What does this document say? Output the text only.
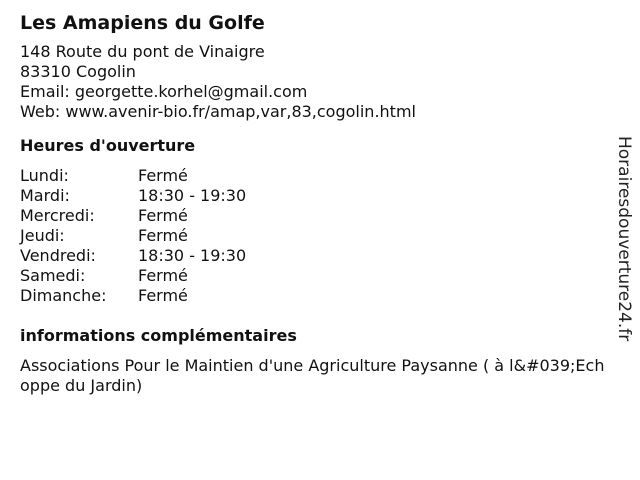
Les Amapiens du Golfe
148 Route du pont de Vinaigre
83310 Cogolin
Email: georgette.korhel@gmail.com
Web: www.avenir-bio.fr/amap,var,83,cogolin.html
Heures d'ouverture
Lundi:	Fermé
Mardi:	18:30 - 19:30
Mercredi:	Fermé
Jeudi:	Fermé
Vendredi:	18:30 - 19:30
Samedi:	Fermé
Dimanche:	Fermé
informations complémentaires
Associations Pour le Maintien d'une Agriculture Paysanne ( à l&#039;Echoppe du Jardin)
Horairesdouverture24.fr
